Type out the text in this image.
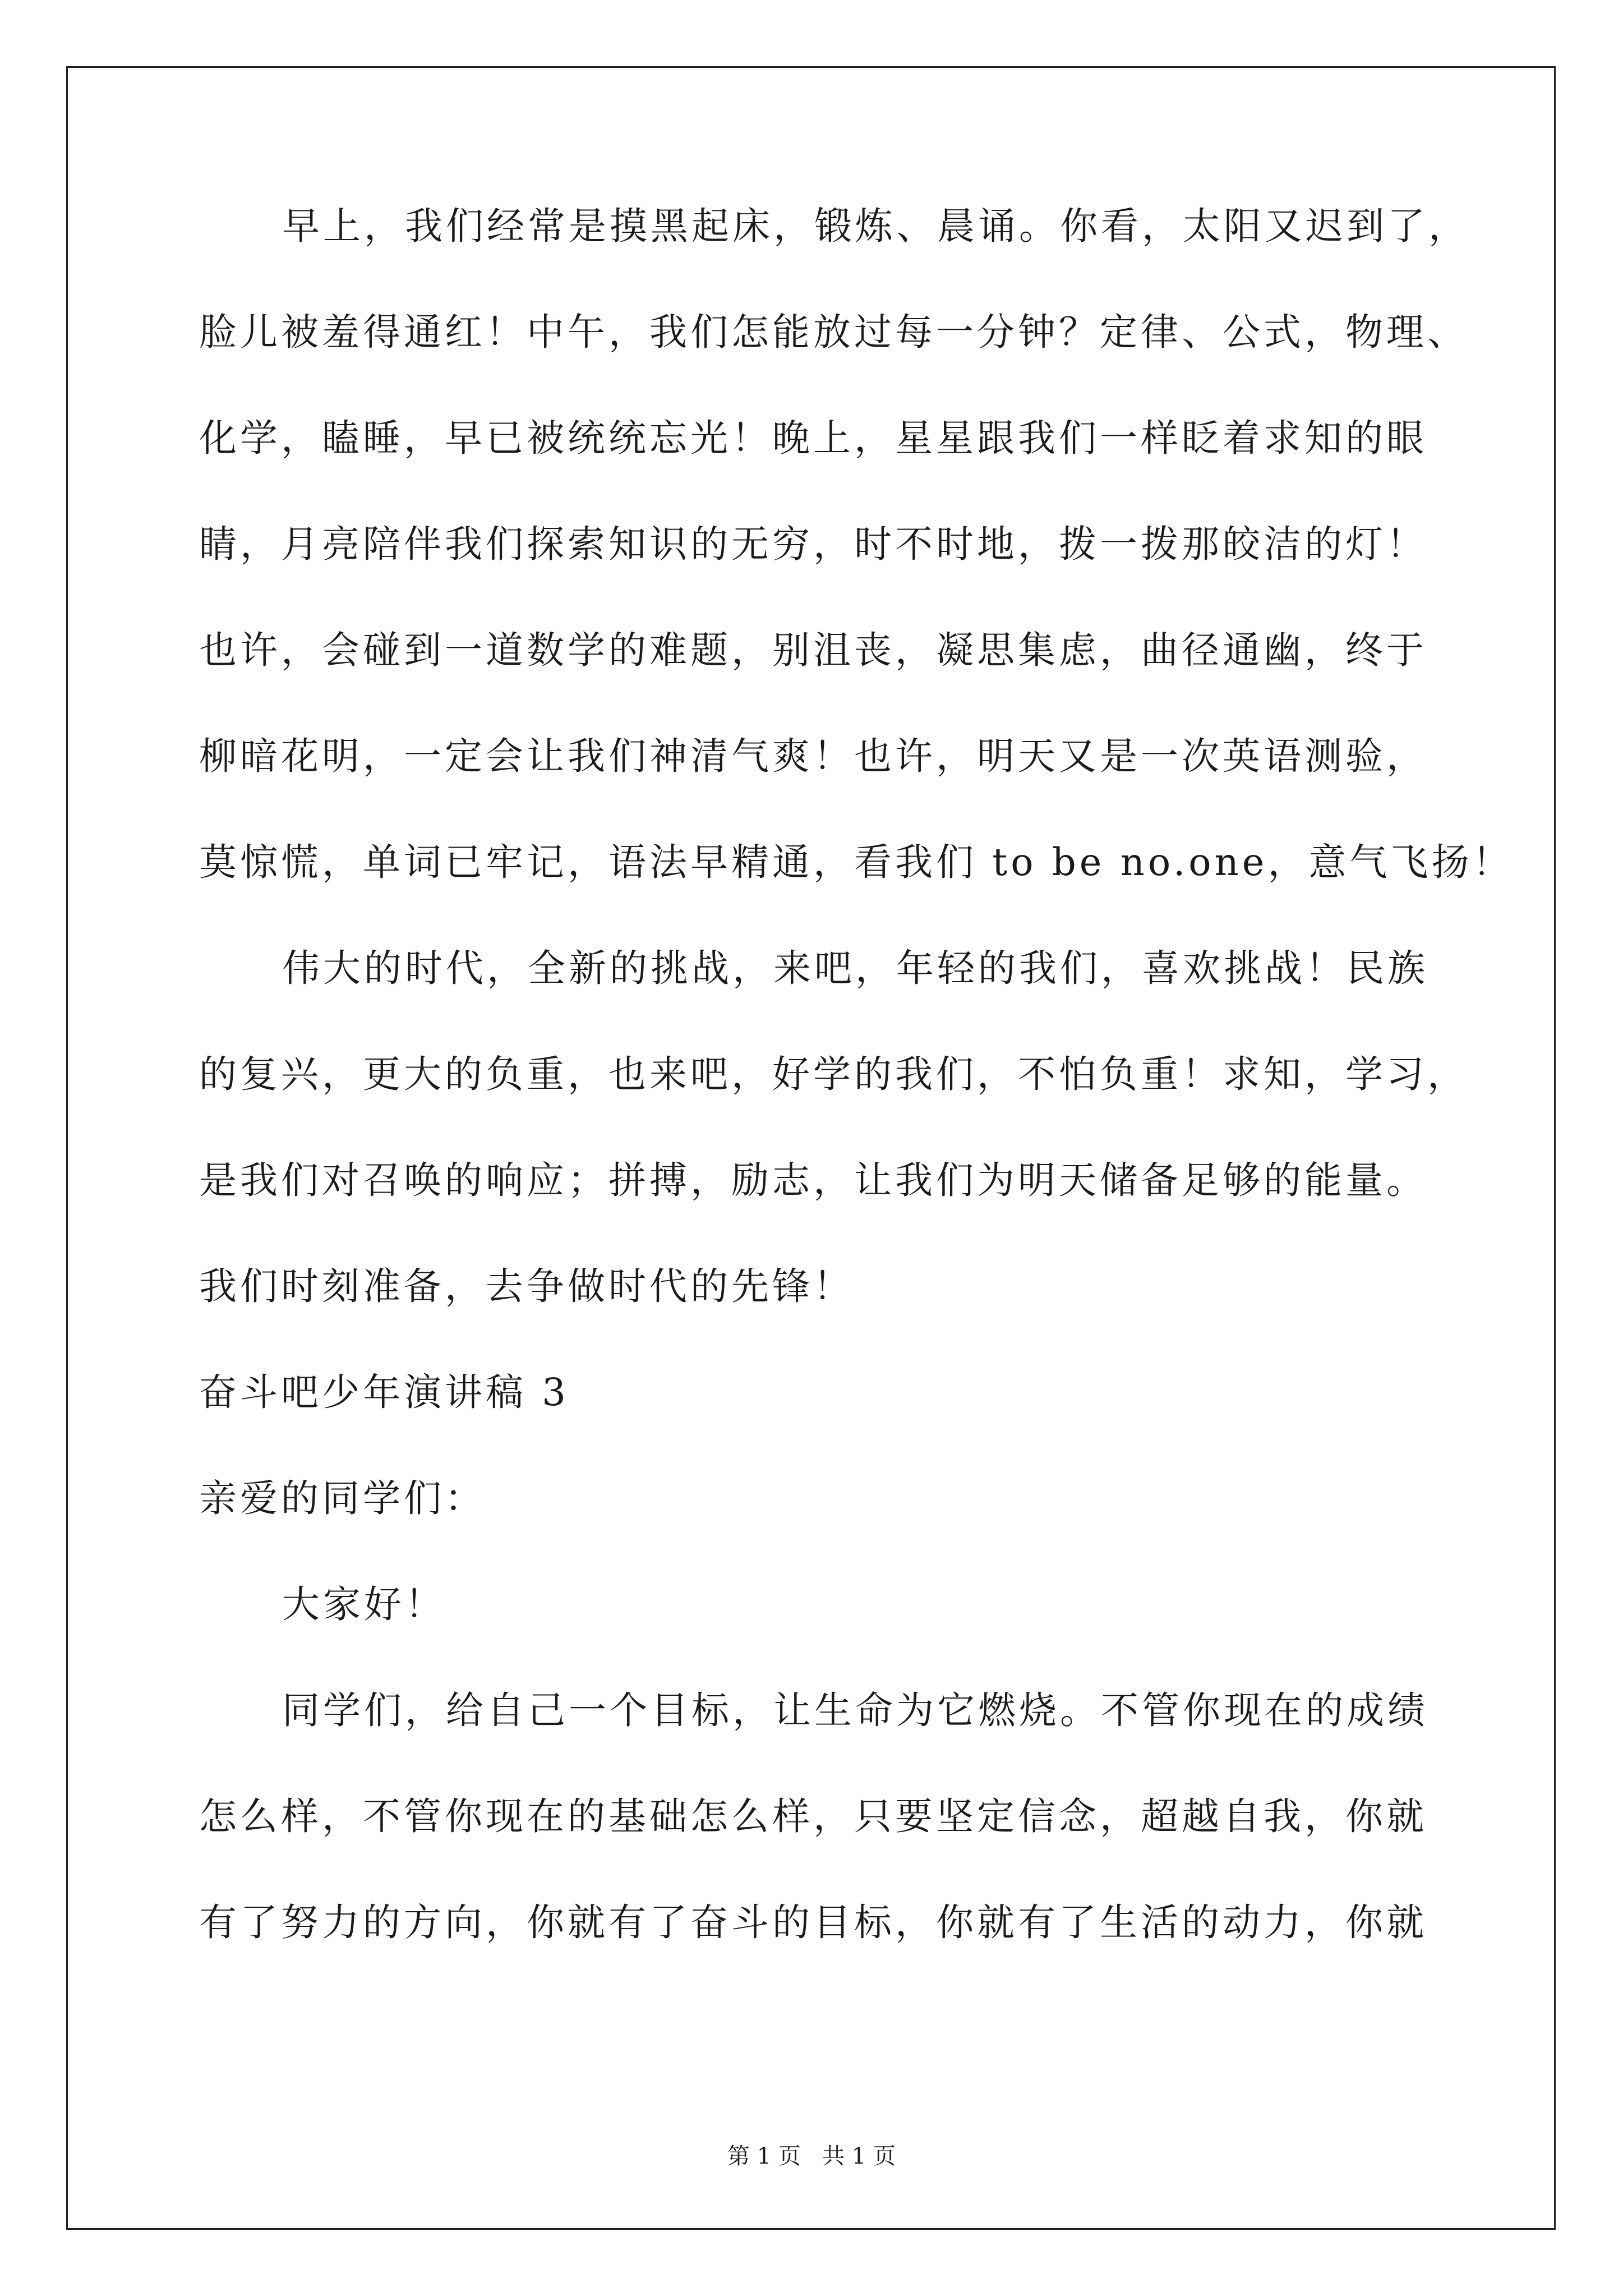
早上，我们经常是摸黑起床，锻炼、晨诵。你看，太阳又迟到了，
脸儿被羞得通红！中午，我们怎能放过每一分钟？定律、公式，物理、
化学，瞌睡，早已被统统忘光！晚上，星星跟我们一样眨着求知的眼
睛，月亮陪伴我们探索知识的无穷，时不时地，拨一拨那皎洁的灯！
也许，会碰到一道数学的难题，别沮丧，凝思集虑，曲径通幽，终于
柳暗花明，一定会让我们神清气爽！也许，明天又是一次英语测验，
莫惊慌，单词已牢记，语法早精通，看我们 to be no.one，意气飞扬！
伟大的时代，全新的挑战，来吧，年轻的我们，喜欢挑战！民族
的复兴，更大的负重，也来吧，好学的我们，不怕负重！求知，学习，
是我们对召唤的响应；拼搏，励志，让我们为明天储备足够的能量。
我们时刻准备，去争做时代的先锋！
奋斗吧少年演讲稿 3
亲爱的同学们：
大家好！
同学们，给自己一个目标，让生命为它燃烧。不管你现在的成绩
怎么样，不管你现在的基础怎么样，只要坚定信念，超越自我，你就
有了努力的方向，你就有了奋斗的目标，你就有了生活的动力，你就
第 1 页   共 1 页
